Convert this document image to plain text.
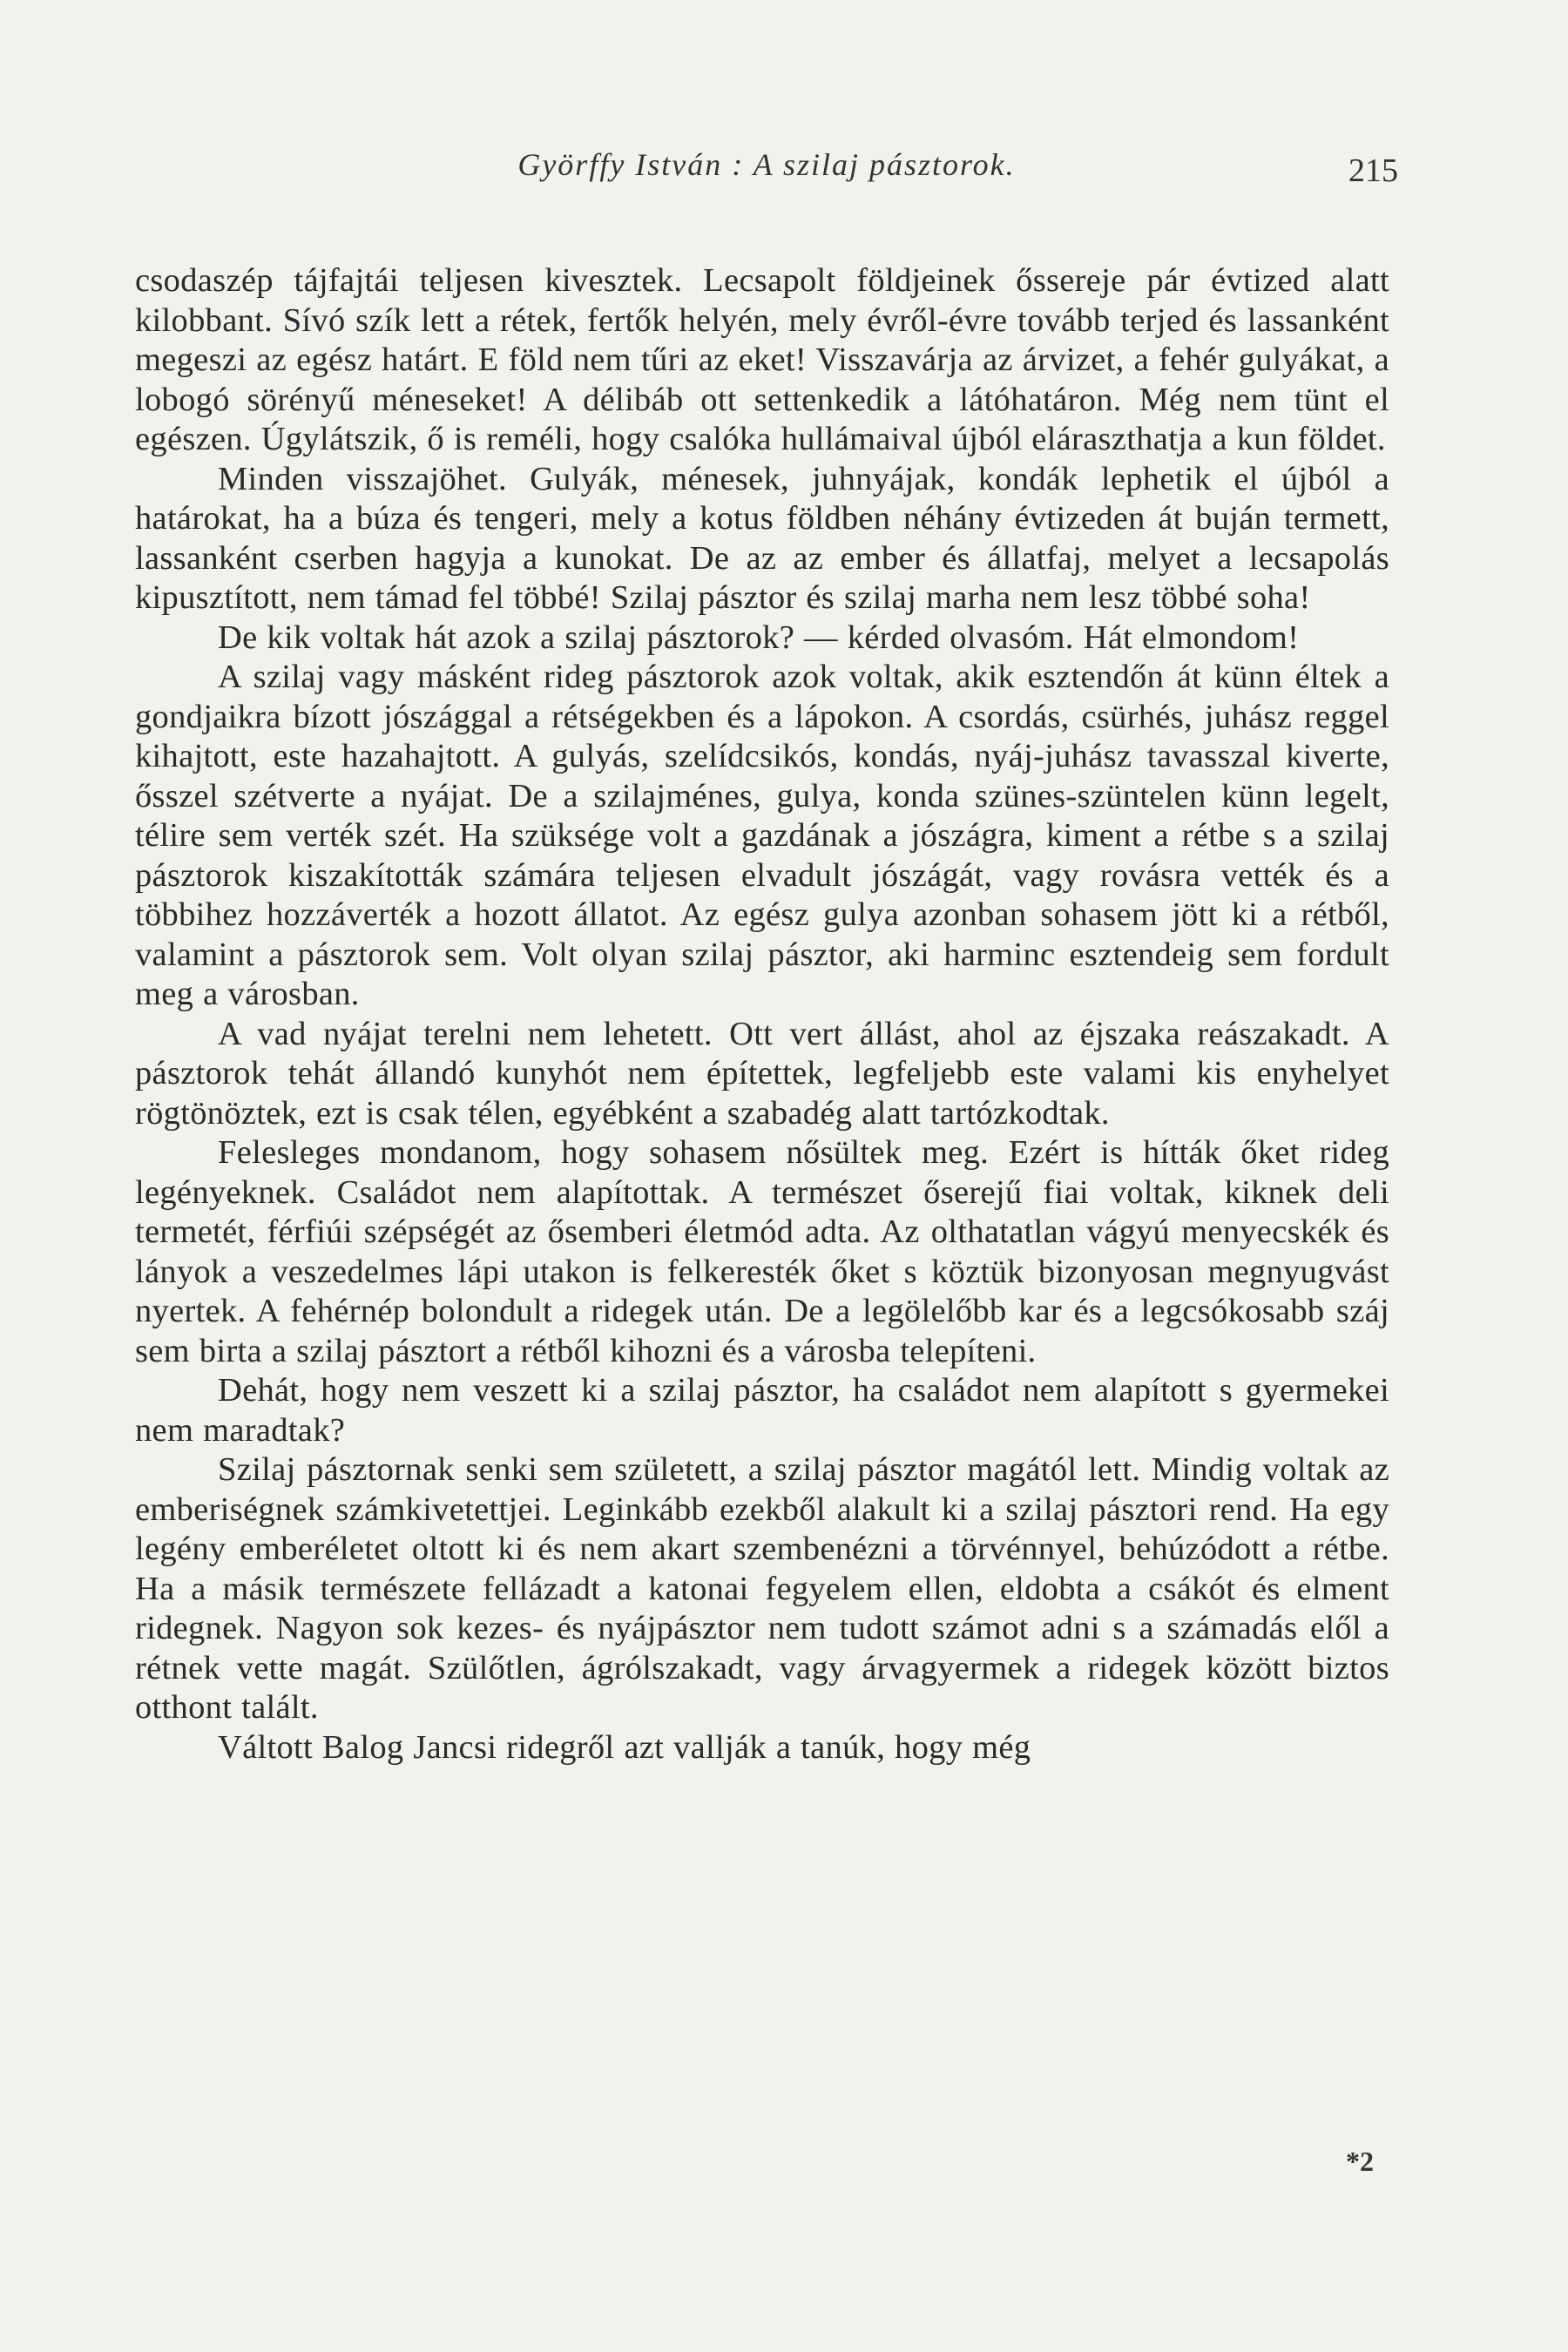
Györffy István : A szilaj pásztorok.	215

csodaszép tájfajtái teljesen kivesztek. Lecsapolt földjeinek őssereje pár évtized alatt kilobbant. Sívó szík lett a rétek, fertők helyén, mely évről-évre tovább terjed és lassanként megeszi az egész határt. E föld nem tűri az eket! Visszavárja az árvizet, a fehér gulyákat, a lobogó sörényű méneseket! A délibáb ott settenkedik a látóhatáron. Még nem tünt el egészen. Úgylátszik, ő is reméli, hogy csalóka hullámaival újból eláraszthatja a kun földet.

Minden visszajöhet. Gulyák, ménesek, juhnyájak, kondák lephetik el újból a határokat, ha a búza és tengeri, mely a kotus földben néhány évtizeden át buján termett, lassanként cserben hagyja a kunokat. De az az ember és állatfaj, melyet a lecsapolás kipusztított, nem támad fel többé! Szilaj pásztor és szilaj marha nem lesz többé soha!

De kik voltak hát azok a szilaj pásztorok? — kérded olvasóm. Hát elmondom!

A szilaj vagy másként rideg pásztorok azok voltak, akik esztendőn át künn éltek a gondjaikra bízott jószággal a rétségekben és a lápokon. A csordás, csürhés, juhász reggel kihajtott, este hazahajtott. A gulyás, szelídcsikós, kondás, nyáj-juhász tavasszal kiverte, ősszel szétverte a nyájat. De a szilajménes, gulya, konda szünes-szüntelen künn legelt, télire sem verték szét. Ha szüksége volt a gazdának a jószágra, kiment a rétbe s a szilaj pásztorok kiszakították számára teljesen elvadult jószágát, vagy rovásra vették és a többihez hozzáverték a hozott állatot. Az egész gulya azonban sohasem jött ki a rétből, valamint a pásztorok sem. Volt olyan szilaj pásztor, aki harminc esztendeig sem fordult meg a városban.

A vad nyájat terelni nem lehetett. Ott vert állást, ahol az éjszaka reászakadt. A pásztorok tehát állandó kunyhót nem építettek, legfeljebb este valami kis enyhelyet rögtönöztek, ezt is csak télen, egyébként a szabadég alatt tartózkodtak.

Felesleges mondanom, hogy sohasem nősültek meg. Ezért is hítták őket rideg legényeknek. Családot nem alapítottak. A természet őserejű fiai voltak, kiknek deli termetét, férfiúi szépségét az ősemberi életmód adta. Az olthatatlan vágyú menyecskék és lányok a veszedelmes lápi utakon is felkeresték őket s köztük bizonyosan megnyugvást nyertek. A fehérnép bolondult a ridegek után. De a legölelőbb kar és a legcsókosabb száj sem birta a szilaj pásztort a rétből kihozni és a városba telepíteni.

Dehát, hogy nem veszett ki a szilaj pásztor, ha családot nem alapított s gyermekei nem maradtak?

Szilaj pásztornak senki sem született, a szilaj pásztor magától lett. Mindig voltak az emberiségnek számkivetettjei. Leginkább ezekből alakult ki a szilaj pásztori rend. Ha egy legény emberéletet oltott ki és nem akart szembenézni a törvénnyel, behúzódott a rétbe. Ha a másik természete fellázadt a katonai fegyelem ellen, eldobta a csákót és elment ridegnek. Nagyon sok kezes- és nyájpásztor nem tudott számot adni s a számadás elől a rétnek vette magát. Szülőtlen, ágrólszakadt, vagy árvagyermek a ridegek között biztos otthont talált.

Váltott Balog Jancsi ridegről azt vallják a tanúk, hogy még

*2
